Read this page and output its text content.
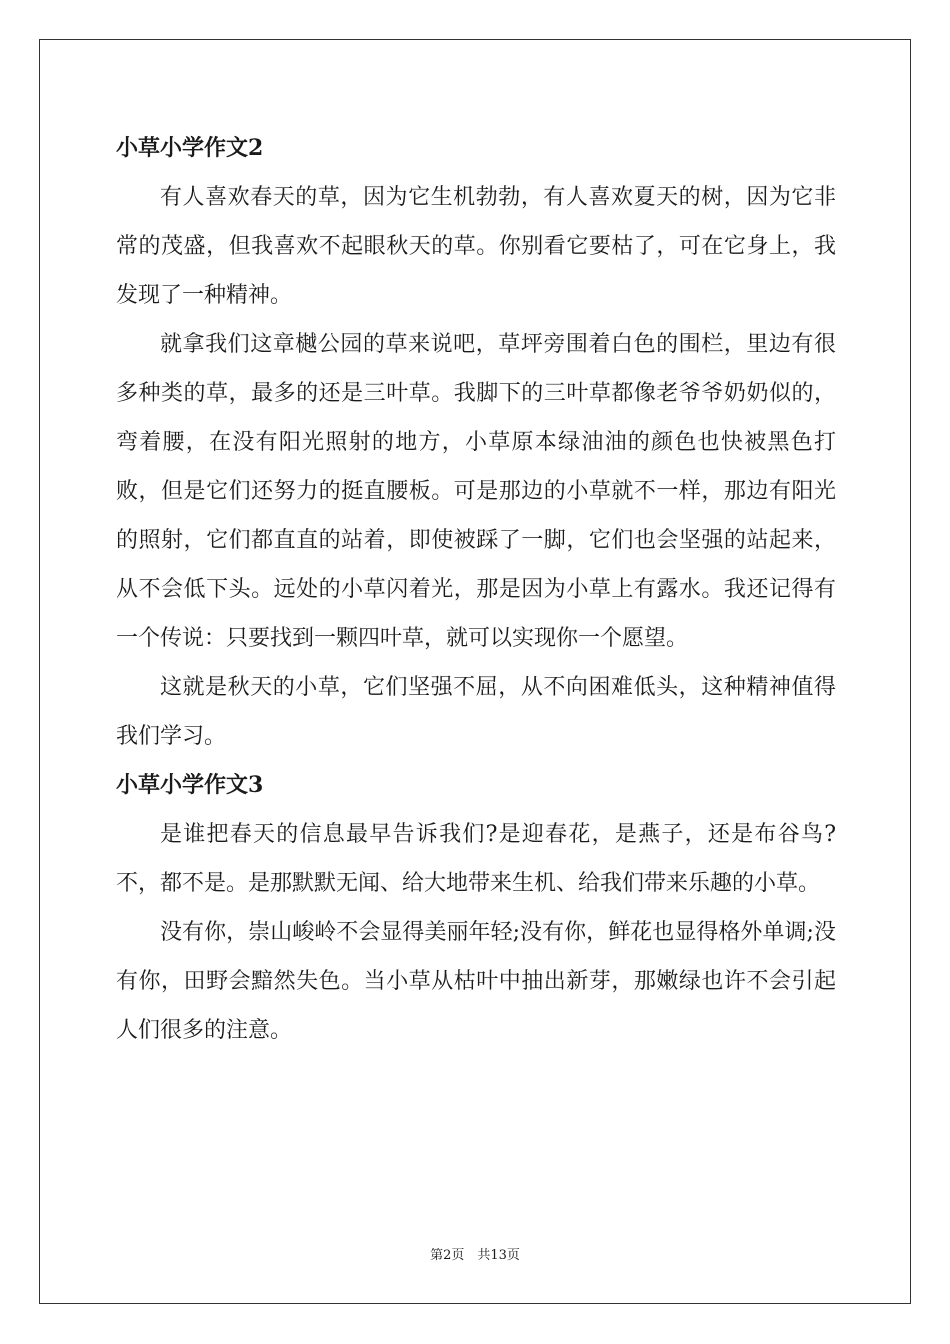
小草小学作文2

有人喜欢春天的草，因为它生机勃勃，有人喜欢夏天的树，因为它非常的茂盛，但我喜欢不起眼秋天的草。你别看它要枯了，可在它身上，我发现了一种精神。

就拿我们这章樾公园的草来说吧，草坪旁围着白色的围栏，里边有很多种类的草，最多的还是三叶草。我脚下的三叶草都像老爷爷奶奶似的，弯着腰，在没有阳光照射的地方，小草原本绿油油的颜色也快被黑色打败，但是它们还努力的挺直腰板。可是那边的小草就不一样，那边有阳光的照射，它们都直直的站着，即使被踩了一脚，它们也会坚强的站起来，从不会低下头。远处的小草闪着光，那是因为小草上有露水。我还记得有一个传说：只要找到一颗四叶草，就可以实现你一个愿望。

这就是秋天的小草，它们坚强不屈，从不向困难低头，这种精神值得我们学习。

小草小学作文3

是谁把春天的信息最早告诉我们?是迎春花，是燕子，还是布谷鸟?不，都不是。是那默默无闻、给大地带来生机、给我们带来乐趣的小草。

没有你，崇山峻岭不会显得美丽年轻;没有你，鲜花也显得格外单调;没有你，田野会黯然失色。当小草从枯叶中抽出新芽，那嫩绿也许不会引起人们很多的注意。

第2页　共13页
